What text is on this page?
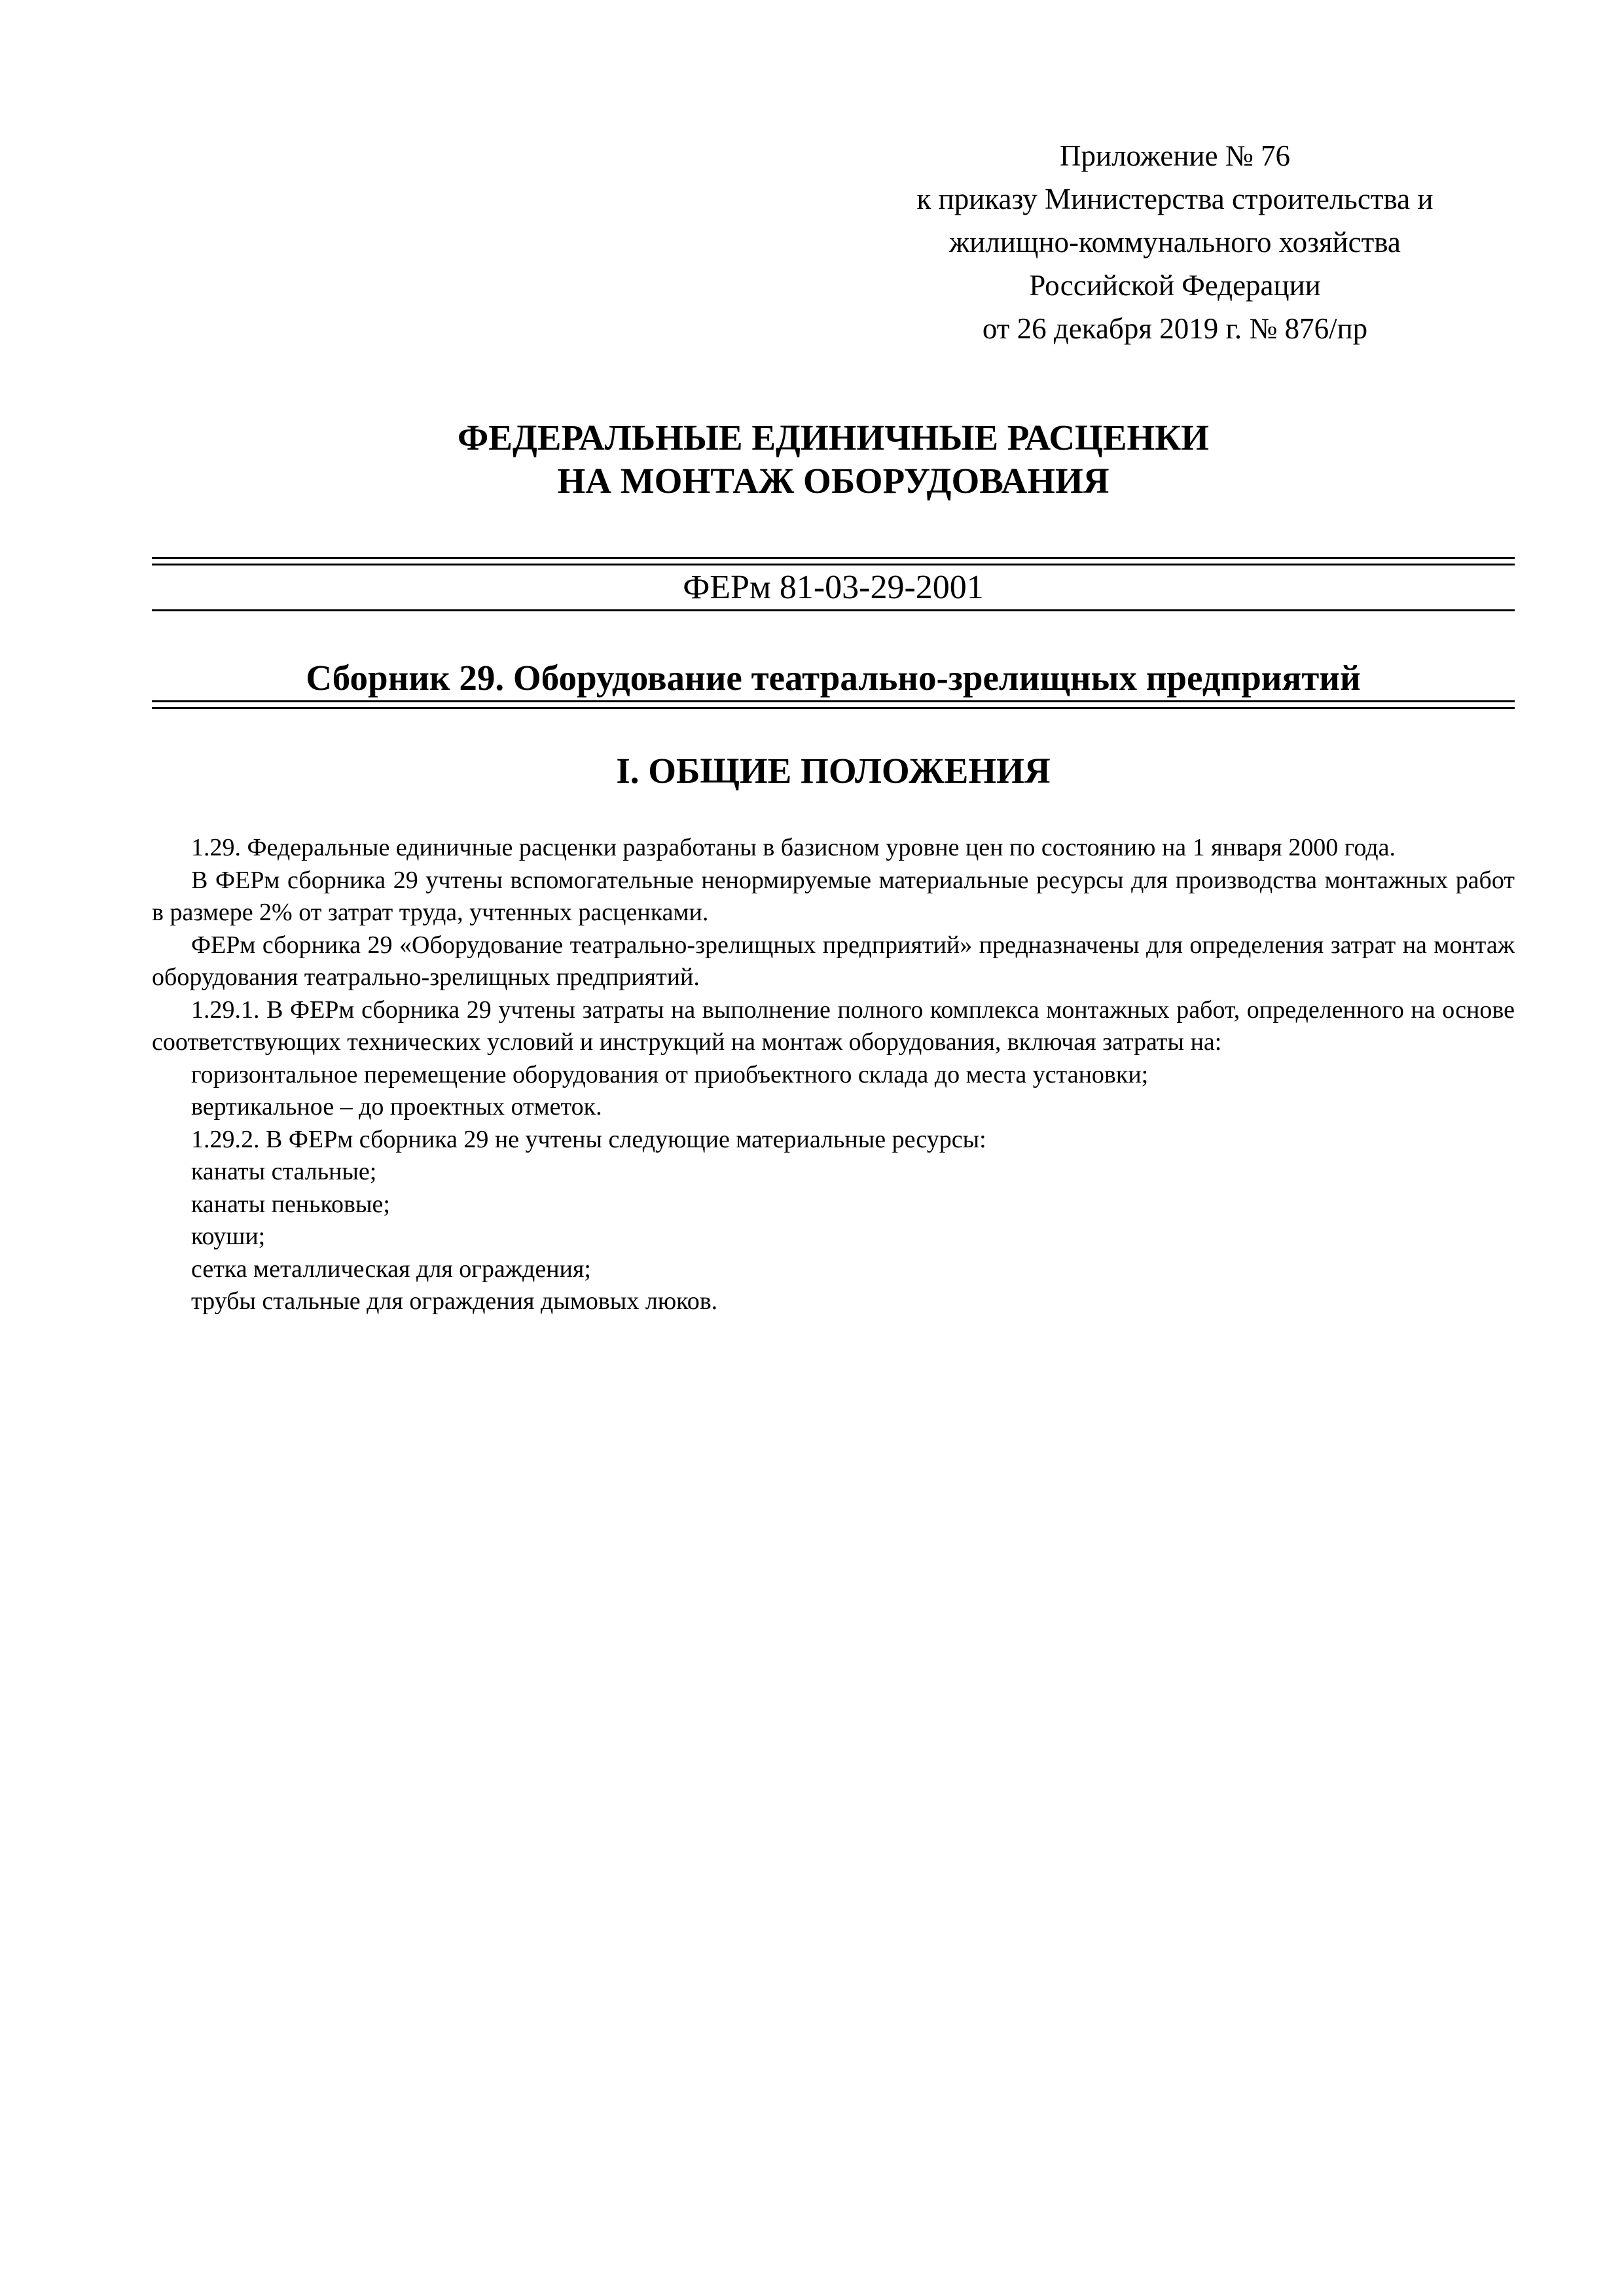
Приложение № 76
к приказу Министерства строительства и
жилищно-коммунального хозяйства
Российской Федерации
от 26 декабря 2019 г. № 876/пр
ФЕДЕРАЛЬНЫЕ ЕДИНИЧНЫЕ РАСЦЕНКИ
НА МОНТАЖ ОБОРУДОВАНИЯ
ФЕРм 81-03-29-2001
Сборник 29. Оборудование театрально-зрелищных предприятий
I. ОБЩИЕ ПОЛОЖЕНИЯ

1.29. Федеральные единичные расценки разработаны в базисном уровне цен по состоянию на 1 января 2000 года.

В ФЕРм сборника 29 учтены вспомогательные ненормируемые материальные ресурсы для производства монтажных работ в размере 2% от затрат труда, учтенных расценками.

ФЕРм сборника 29 «Оборудование театрально-зрелищных предприятий» предназначены для определения затрат на монтаж оборудования театрально-зрелищных предприятий.

1.29.1. В ФЕРм сборника 29 учтены затраты на выполнение полного комплекса монтажных работ, определенного на основе соответствующих технических условий и инструкций на монтаж оборудования, включая затраты на:

горизонтальное перемещение оборудования от приобъектного склада до места установки;

вертикальное – до проектных отметок.

1.29.2. В ФЕРм сборника 29 не учтены следующие материальные ресурсы:

канаты стальные;

канаты пеньковые;

коуши;

сетка металлическая для ограждения;

трубы стальные для ограждения дымовых люков.
